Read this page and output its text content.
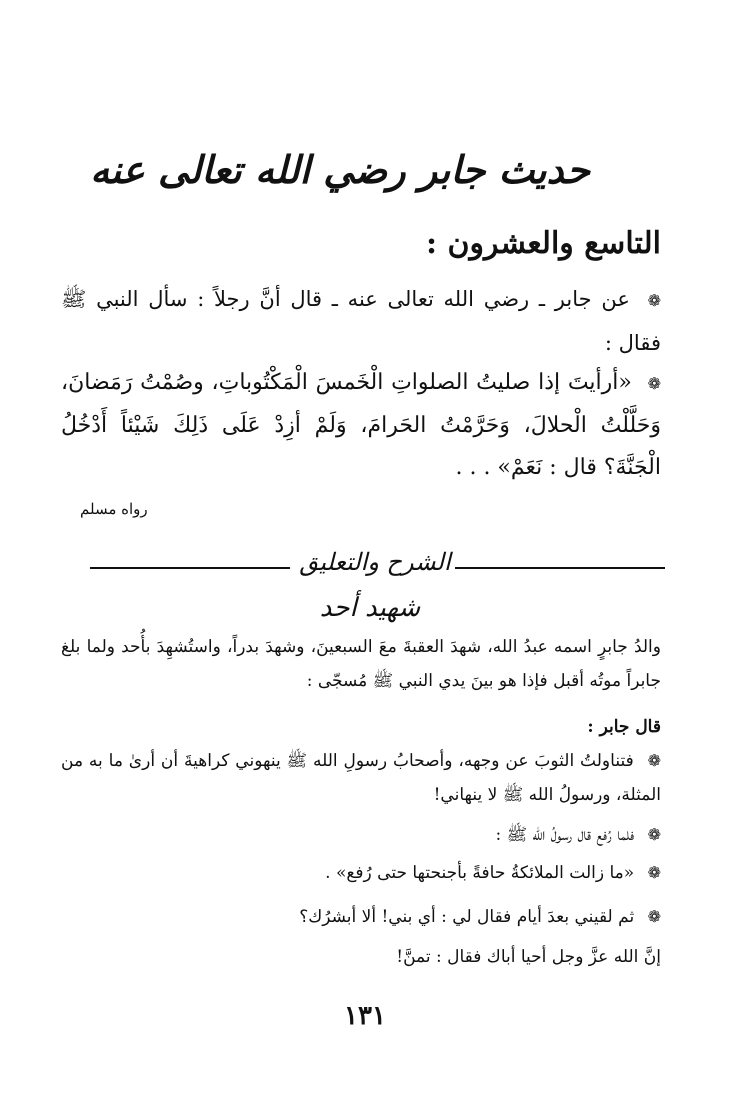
حديث جابر رضي الله تعالى عنه
التاسع والعشرون :
❁ عن جابر ـ رضي الله تعالى عنه ـ قال أنَّ رجلاً : سأل النبي ﷺ فقال :
❁ «أرأيتَ إذا صليتُ الصلواتِ الْخَمسَ الْمَكْتُوباتِ، وصُمْتُ رَمَضانَ، وَحَلَّلْتُ الْحلالَ، وَحَرَّمْتُ الحَرامَ، وَلَمْ أزِدْ عَلَى ذَلِكَ شَيْئاً أَدْخُلُ الْجَنَّةَ؟ قال : نَعَمْ» . . .
رواه مسلم
الشرح والتعليق
شهيد أحد
والدُ جابرٍ اسمه عبدُ الله، شهدَ العقبةَ معَ السبعينَ، وشهدَ بدراً، واستُشهِدَ بأُحد ولما بلغ جابراً موتُه أقبل فإذا هو بينَ يدي النبي ﷺ مُسجّى :
قال جابر :
❁ فتناولتُ الثوبَ عن وجهه، وأصحابُ رسولِ الله ﷺ ينهوني كراهيةَ أن أرىٰ ما به من المثلة، ورسولُ الله ﷺ لا ينهاني!
❁ فلما رُفع قال رسولُ الله ﷺ :
❁ «ما زالت الملائكةُ حافةً بأجنحتها حتى رُفع» .
❁ ثم لقيني بعدَ أيام فقال لي : أي بني! ألا أبشرُك؟
إنَّ الله عزَّ وجل أحيا أباك فقال : تمنَّ!
١٣١
